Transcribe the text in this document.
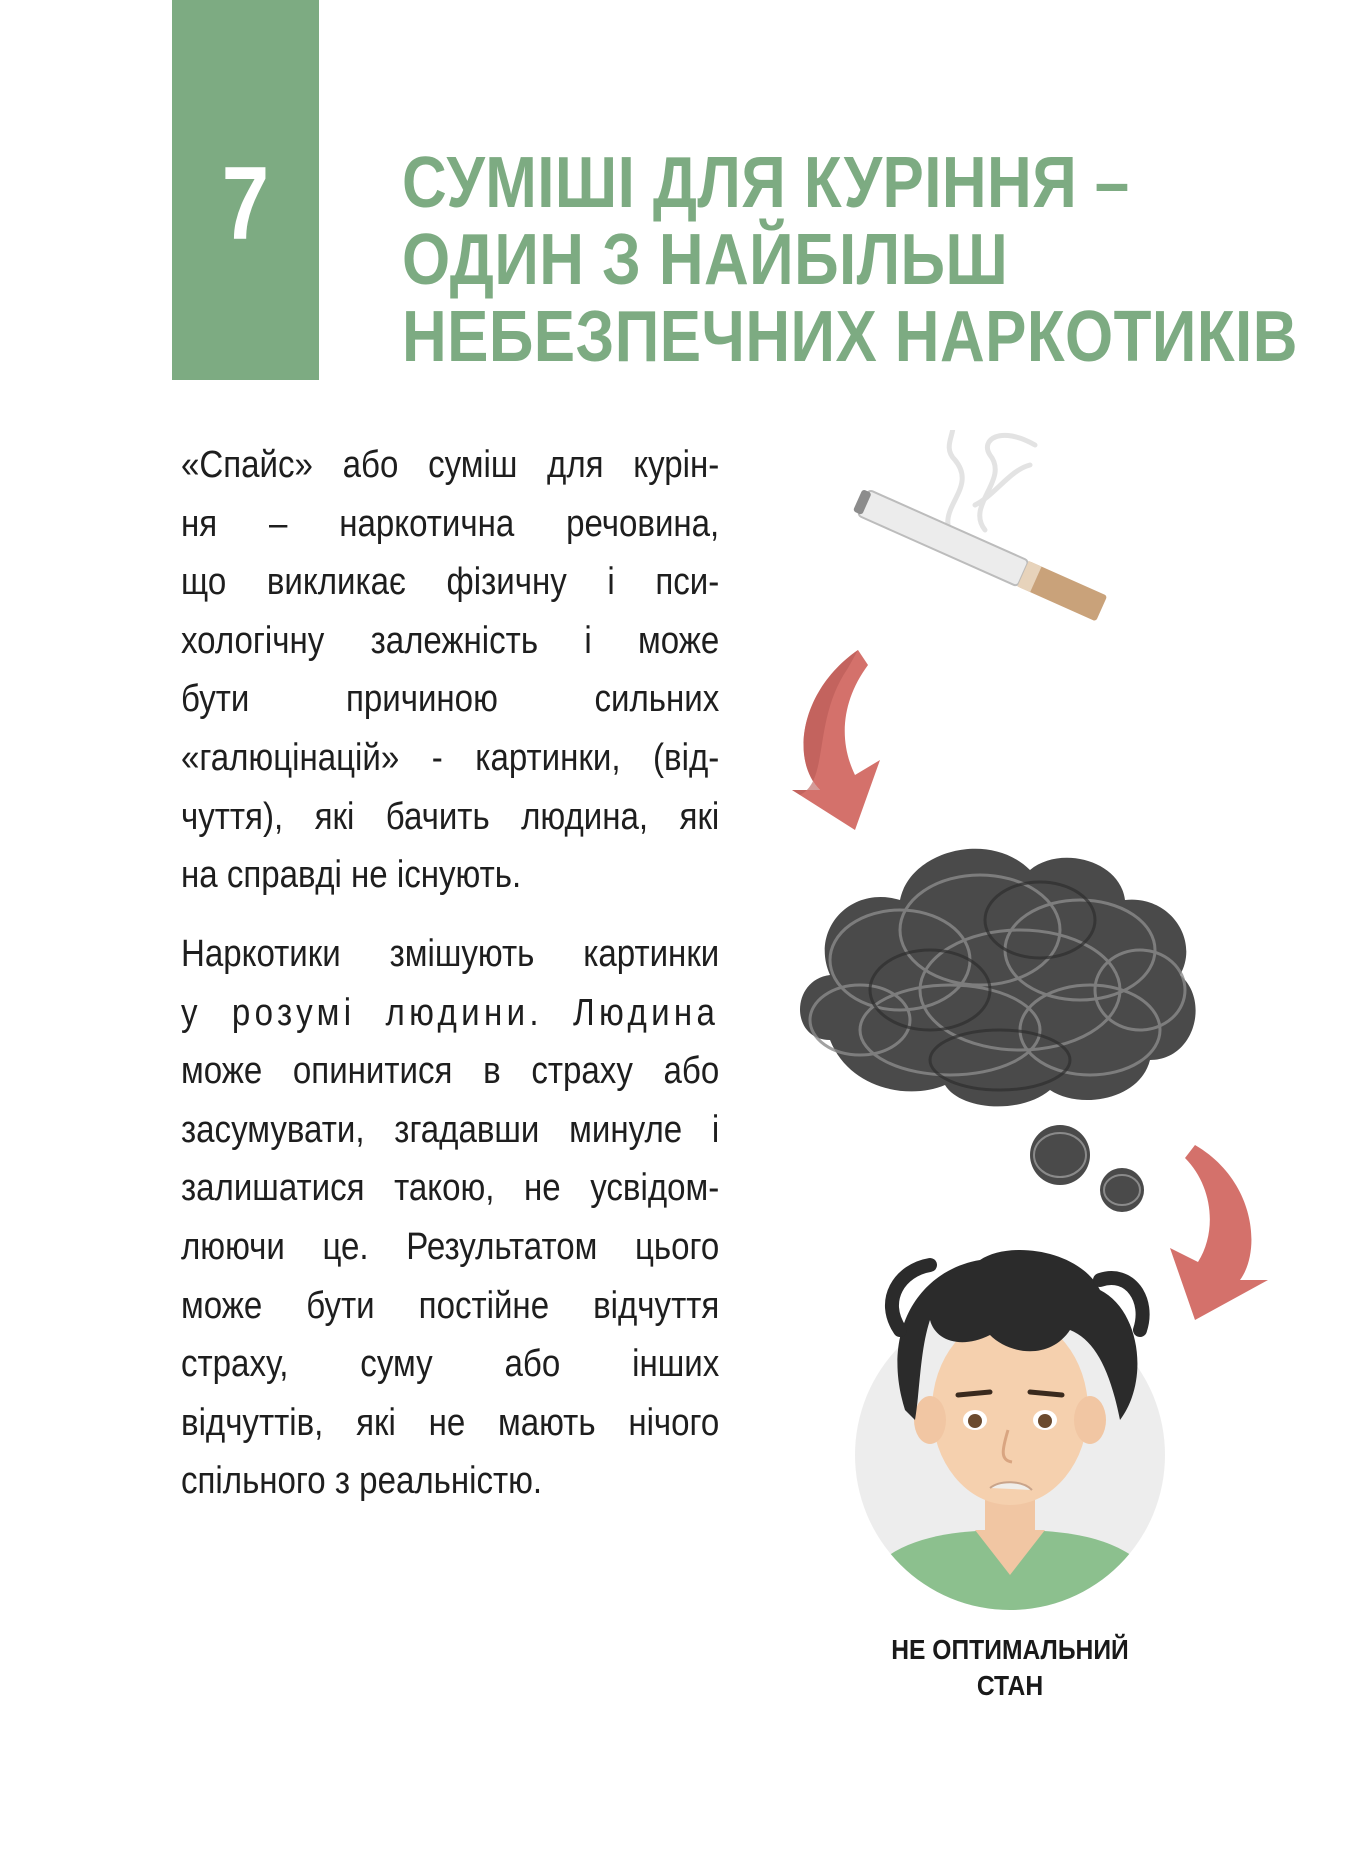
7	СУМІШІ ДЛЯ КУРІННЯ –
ОДИН З НАЙБІЛЬШ
НЕБЕЗПЕЧНИХ НАРКОТИКІВ
«Спайс» або суміш для курін-
ня – наркотична речовина,
що викликає фізичну і пси-
хологічну залежність і може
бути причиною сильних
«галюцінацій» - картинки, (від-
чуття), які бачить людина, які
на справді не існують.
Наркотики змішують картинки
у розумі людини. Людина
може опинитися в страху або
засумувати, згадавши минуле і
залишатися такою, не усвідом-
люючи це. Результатом цього
може бути постійне відчуття
страху, суму або інших
відчуттів, які не мають нічого
спільного з реальністю.
НЕ ОПТИМАЛЬНИЙ
СТАН
